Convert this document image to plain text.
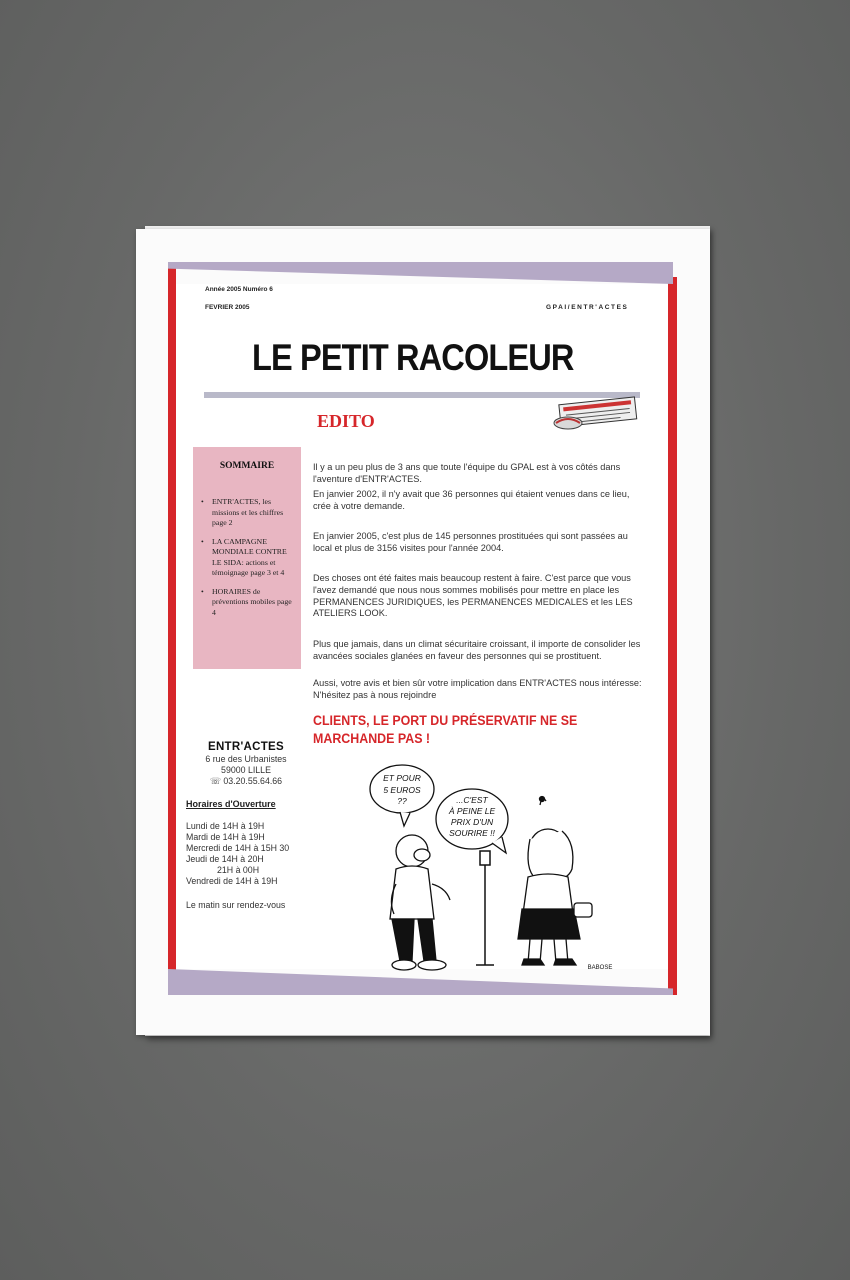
Année 2005 Numéro 6
FEVRIER 2005	GPAI/ENTR'ACTES
LE PETIT RACOLEUR
EDITO
SOMMAIRE
• ENTR'ACTES, les missions et les chiffres page 2
• LA CAMPAGNE MONDIALE CONTRE LE SIDA: actions et témoignage page 3 et 4
• HORAIRES de préventions mobiles page 4

Il y a un peu plus de 3 ans que toute l'équipe du GPAL est à vos côtés dans l'aventure d'ENTR'ACTES.

En janvier 2002, il n'y avait que 36 personnes qui étaient venues dans ce lieu, crée à votre demande.

En janvier 2005, c'est plus de 145 personnes prostituées qui sont passées au local et plus de 3156 visites pour l'année 2004.

Des choses ont été faites mais beaucoup restent à faire. C'est parce que vous l'avez demandé que nous nous sommes mobilisés pour mettre en place les PERMANENCES JURIDIQUES, les PERMANENCES MEDICALES et les LES ATELIERS LOOK.

Plus que jamais, dans un climat sécuritaire croissant, il importe de consolider les avancées sociales glanées en faveur des personnes qui se prostituent.

Aussi, votre avis et bien sûr votre implication dans ENTR'ACTES nous intéresse: N'hésitez pas à nous rejoindre

CLIENTS, LE PORT DU PRÉSERVATIF NE SE MARCHANDE PAS !
ENTR'ACTES
6 rue des Urbanistes
59000 LILLE
☏ 03.20.55.64.66
Horaires d'Ouverture
Lundi de 14H à 19H
Mardi de 14H à 19H
Mercredi de 14H à 15H 30
Jeudi de 14H à 20H
21H à 00H
Vendredi de 14H à 19H
Le matin sur rendez-vous
ET POUR
5 EUROS
??	...C'EST
À PEINE LE
PRIX D'UN
SOURIRE !!
BABOSE
